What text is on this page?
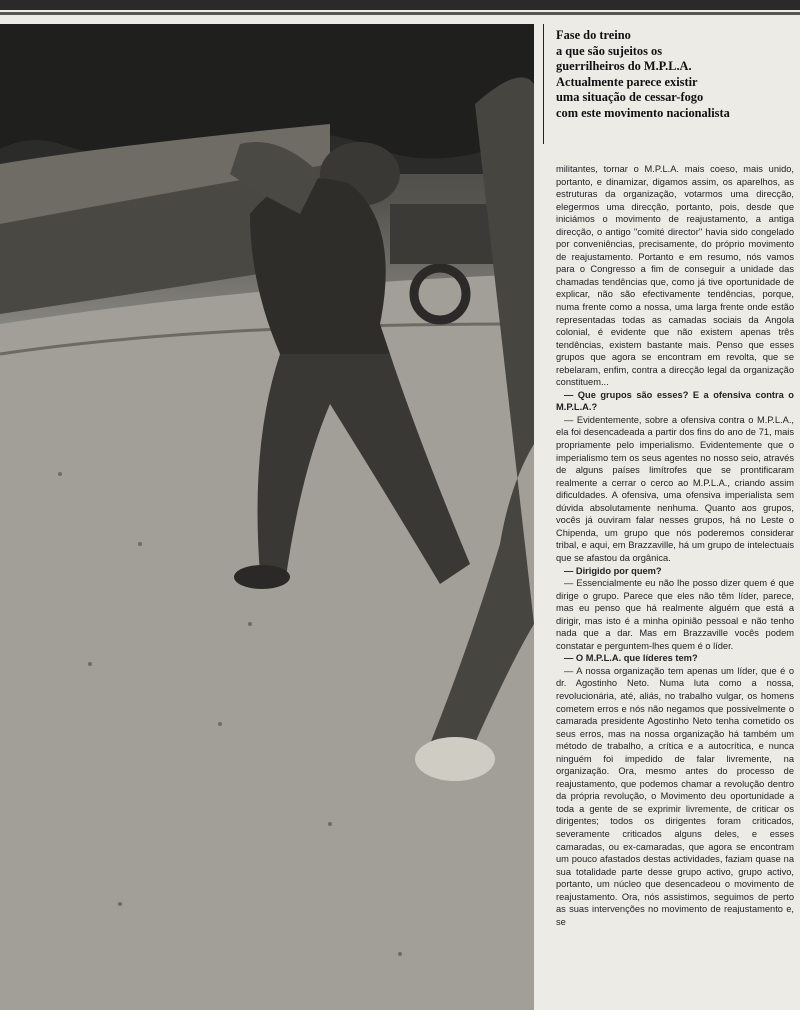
Fase do treino
a que são sujeitos os
guerrilheiros do M.P.L.A.
Actualmente parece existir
uma situação de cessar-fogo
com este movimento nacionalista

militantes, tornar o M.P.L.A. mais coeso, mais unido, portanto, e dinamizar, digamos assim, os aparelhos, as estruturas da organização, votarmos uma direcção, elegermos uma direcção, portanto, pois, desde que iniciámos o movimento de reajustamento, a antiga direcção, o antigo "comité director" havia sido congelado por conveniências, precisamente, do próprio movimento de reajustamento. Portanto e em resumo, nós vamos para o Congresso a fim de conseguir a unidade das chamadas tendências que, como já tive oportunidade de explicar, não são efectivamente tendências, porque, numa frente como a nossa, uma larga frente onde estão representadas todas as camadas sociais da Angola colonial, é evidente que não existem apenas três tendências, existem bastante mais. Penso que esses grupos que agora se encontram em revolta, que se rebelaram, enfim, contra a direcção legal da organização constituem...

— Que grupos são esses? E a ofensiva contra o M.P.L.A.?

— Evidentemente, sobre a ofensiva contra o M.P.L.A., ela foi desencadeada a partir dos fins do ano de 71, mais propriamente pelo imperialismo. Evidentemente que o imperialismo tem os seus agentes no nosso seio, através de alguns países limítrofes que se prontificaram realmente a cerrar o cerco ao M.P.L.A., criando assim dificuldades. A ofensiva, uma ofensiva imperialista sem dúvida absolutamente nenhuma. Quanto aos grupos, vocês já ouviram falar nesses grupos, há no Leste o Chipenda, um grupo que nós poderemos considerar tribal, e aqui, em Brazzaville, há um grupo de intelectuais que se afastou da orgânica.

— Dirigido por quem?

— Essencialmente eu não lhe posso dizer quem é que dirige o grupo. Parece que eles não têm líder, parece, mas eu penso que há realmente alguém que está a dirigir, mas isto é a minha opinião pessoal e não tenho nada que a dar. Mas em Brazzaville vocês podem constatar e perguntem-lhes quem é o líder.

— O M.P.L.A. que líderes tem?

— A nossa organização tem apenas um líder, que é o dr. Agostinho Neto. Numa luta como a nossa, revolucionária, até, aliás, no trabalho vulgar, os homens cometem erros e nós não negamos que possivelmente o camarada presidente Agostinho Neto tenha cometido os seus erros, mas na nossa organização há também um método de trabalho, a crítica e a autocrítica, e nunca ninguém foi impedido de falar livremente, na organização. Ora, mesmo antes do processo de reajustamento, que podemos chamar a revolução dentro da própria revolução, o Movimento deu oportunidade a toda a gente de se exprimir livremente, de criticar os dirigentes; todos os dirigentes foram criticados, severamente criticados alguns deles, e esses camaradas, ou ex-camaradas, que agora se encontram um pouco afastados destas actividades, faziam quase na sua totalidade parte desse grupo activo, grupo activo, portanto, um núcleo que desencadeou o movimento de reajustamento. Ora, nós assistimos, seguimos de perto as suas intervenções no movimento de reajustamento e, se
